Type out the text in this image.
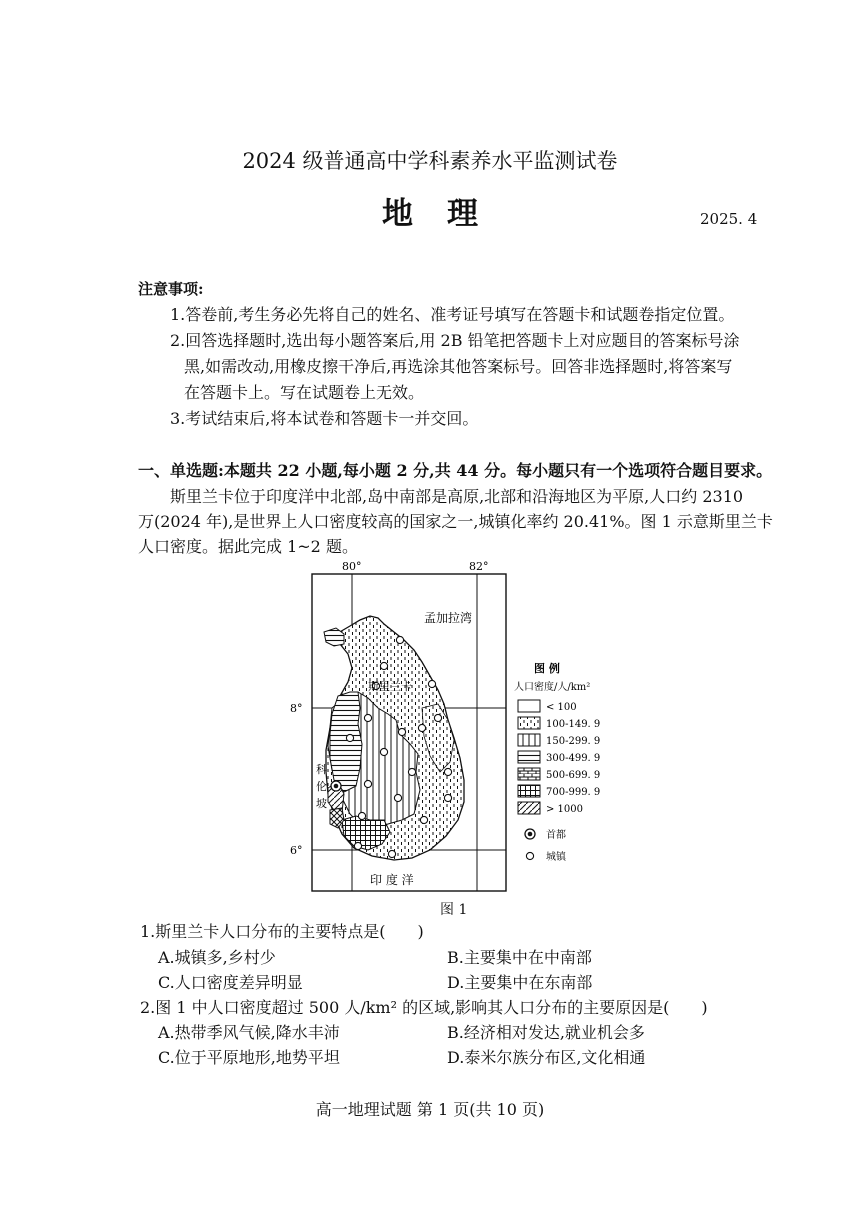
2024 级普通高中学科素养水平监测试卷
地理	2025. 4
注意事项:
1.答卷前,考生务必先将自己的姓名、准考证号填写在答题卡和试题卷指定位置。
2.回答选择题时,选出每小题答案后,用 2B 铅笔把答题卡上对应题目的答案标号涂
黑,如需改动,用橡皮擦干净后,再选涂其他答案标号。回答非选择题时,将答案写
在答题卡上。写在试题卷上无效。
3.考试结束后,将本试卷和答题卡一并交回。
一、单选题:本题共 22 小题,每小题 2 分,共 44 分。每小题只有一个选项符合题目要求。
斯里兰卡位于印度洋中北部,岛中南部是高原,北部和沿海地区为平原,人口约 2310
万(2024 年),是世界上人口密度较高的国家之一,城镇化率约 20.41%。图 1 示意斯里兰卡
人口密度。据此完成 1~2 题。
80°	82°
8°
6°
孟加拉湾
斯里兰卡
印 度 洋
科
伦
坡
图 例
人口密度/人/km²
< 100
100-149. 9
150-299. 9
300-499. 9
500-699. 9
700-999. 9
> 1000
首都
城镇
图 1
1.斯里兰卡人口分布的主要特点是(　　)
A.城镇多,乡村少	B.主要集中在中南部
C.人口密度差异明显	D.主要集中在东南部
2.图 1 中人口密度超过 500 人/km² 的区域,影响其人口分布的主要原因是(　　)
A.热带季风气候,降水丰沛	B.经济相对发达,就业机会多
C.位于平原地形,地势平坦	D.泰米尔族分布区,文化相通
高一地理试题 第 1 页(共 10 页)
